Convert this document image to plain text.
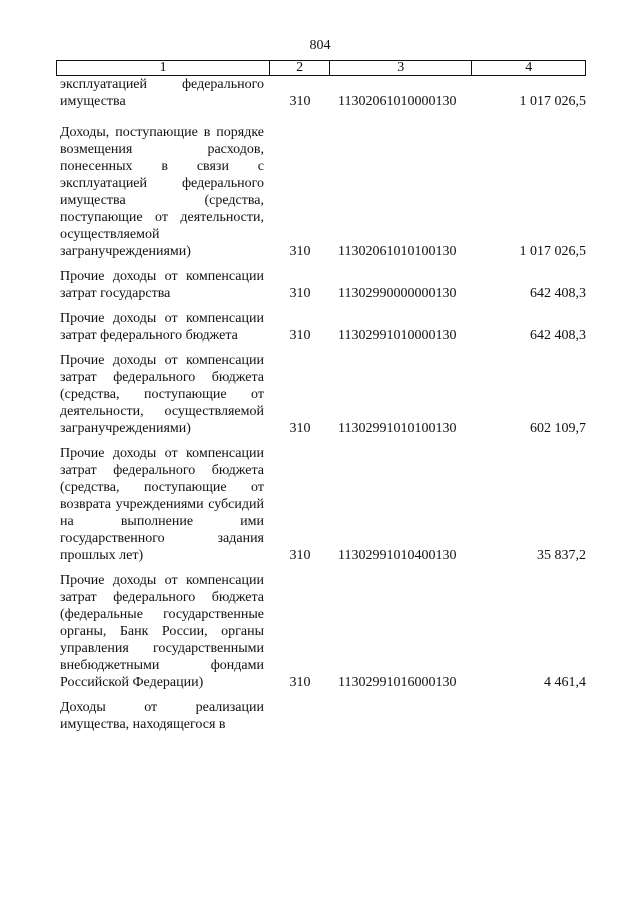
804
1	2	3	4
эксплуатацией федерального имущества	310	11302061010000130	1 017 026,5
Доходы, поступающие в порядке возмещения расходов, понесенных в связи с эксплуатацией федерального имущества (средства, поступающие от деятельности, осуществляемой загранучреждениями)	310	11302061010100130	1 017 026,5
Прочие доходы от компенсации затрат государства	310	11302990000000130	642 408,3
Прочие доходы от компенсации затрат федерального бюджета	310	11302991010000130	642 408,3
Прочие доходы от компенсации затрат федерального бюджета (средства, поступающие от деятельности, осуществляемой загранучреждениями)	310	11302991010100130	602 109,7
Прочие доходы от компенсации затрат федерального бюджета (средства, поступающие от возврата учреждениями субсидий на выполнение ими государственного задания прошлых лет)	310	11302991010400130	35 837,2
Прочие доходы от компенсации затрат федерального бюджета (федеральные государственные органы, Банк России, органы управления государственными внебюджетными фондами Российской Федерации)	310	11302991016000130	4 461,4
Доходы от реализации имущества, находящегося в
